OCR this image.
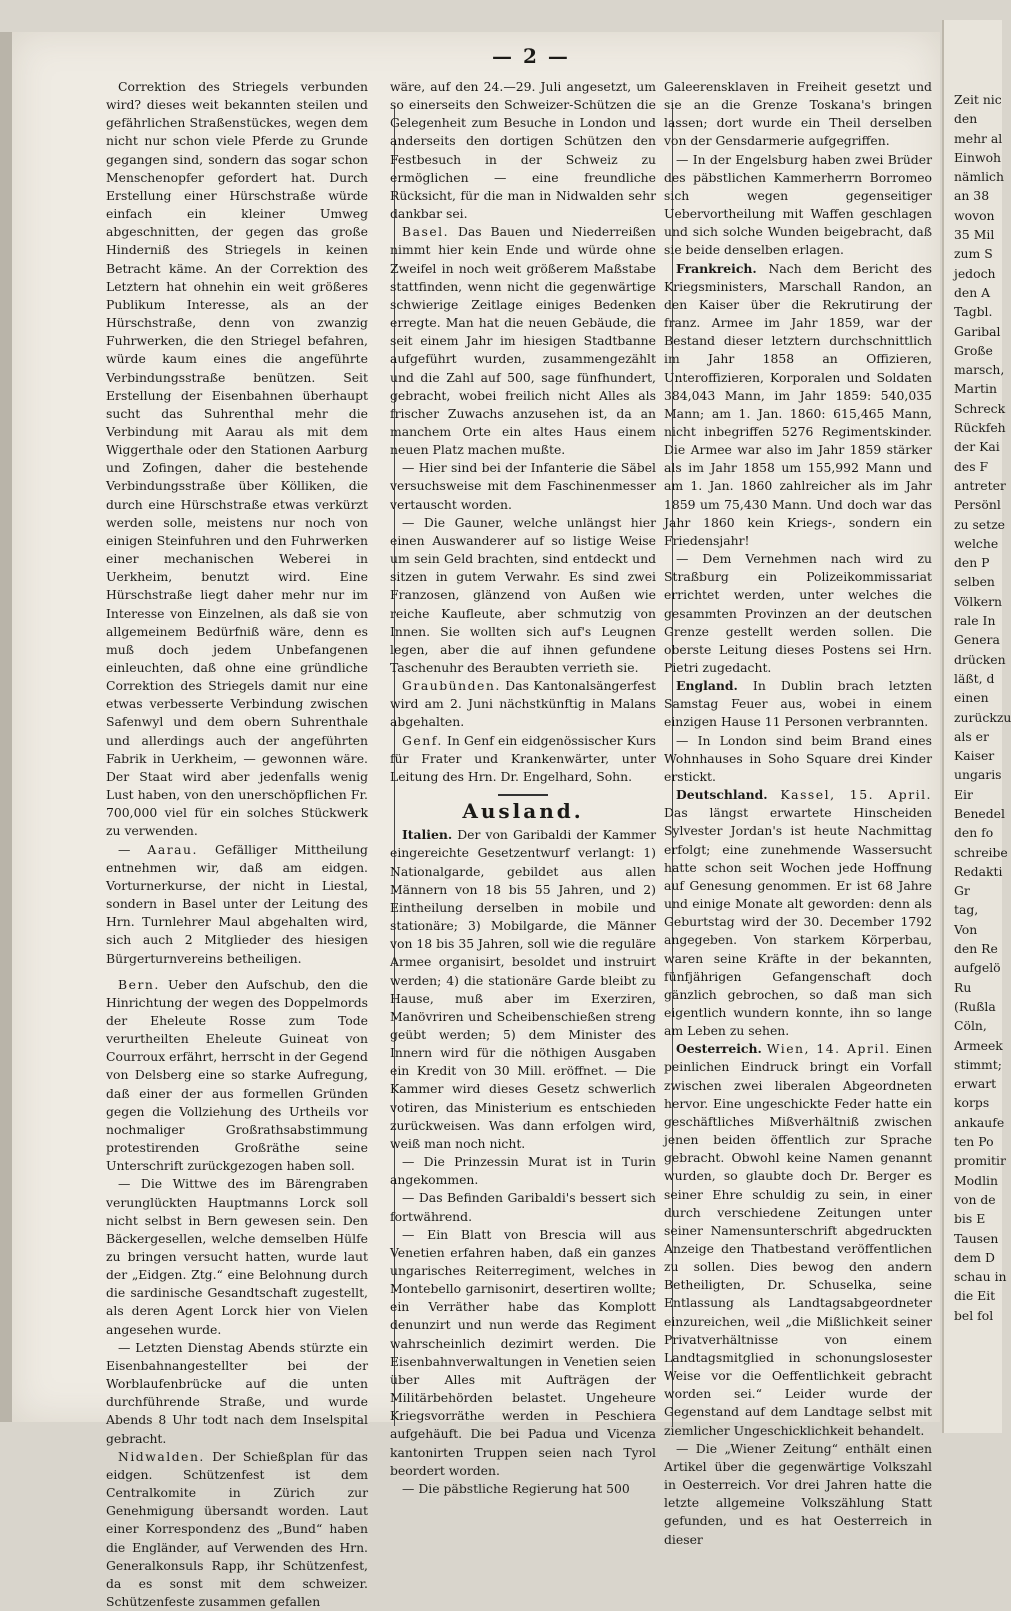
— 2 —

Correktion des Striegels verbunden wird? dieses weit bekannten steilen und gefährlichen Straßenstückes, wegen dem nicht nur schon viele Pferde zu Grunde gegangen sind, sondern das sogar schon Menschenopfer gefordert hat. Durch Erstellung einer Hürschstraße würde einfach ein kleiner Umweg abgeschnitten, der gegen das große Hinderniß des Striegels in keinen Betracht käme. An der Correktion des Letztern hat ohnehin ein weit größeres Publikum Interesse, als an der Hürschstraße, denn von zwanzig Fuhrwerken, die den Striegel befahren, würde kaum eines die angeführte Verbindungsstraße benützen. Seit Erstellung der Eisenbahnen überhaupt sucht das Suhrenthal mehr die Verbindung mit Aarau als mit dem Wiggerthale oder den Stationen Aarburg und Zofingen, daher die bestehende Verbindungsstraße über Kölliken, die durch eine Hürschstraße etwas verkürzt werden solle, meistens nur noch von einigen Steinfuhren und den Fuhrwerken einer mechanischen Weberei in Uerkheim, benutzt wird. Eine Hürschstraße liegt daher mehr nur im Interesse von Einzelnen, als daß sie von allgemeinem Bedürfniß wäre, denn es muß doch jedem Unbefangenen einleuchten, daß ohne eine gründliche Correktion des Striegels damit nur eine etwas verbesserte Verbindung zwischen Safenwyl und dem obern Suhrenthale und allerdings auch der angeführten Fabrik in Uerkheim, — gewonnen wäre. Der Staat wird aber jedenfalls wenig Lust haben, von den unerschöpflichen Fr. 700,000 viel für ein solches Stückwerk zu verwenden.

— Aarau. Gefälliger Mittheilung entnehmen wir, daß am eidgen. Vorturnerkurse, der nicht in Liestal, sondern in Basel unter der Leitung des Hrn. Turnlehrer Maul abgehalten wird, sich auch 2 Mitglieder des hiesigen Bürgerturnvereins betheiligen.

Bern. Ueber den Aufschub, den die Hinrichtung der wegen des Doppelmords der Eheleute Rosse zum Tode verurtheilten Eheleute Guineat von Courroux erfährt, herrscht in der Gegend von Delsberg eine so starke Aufregung, daß einer der aus formellen Gründen gegen die Vollziehung des Urtheils vor nochmaliger Großrathsabstimmung protestirenden Großräthe seine Unterschrift zurückgezogen haben soll.

— Die Wittwe des im Bärengraben verunglückten Hauptmanns Lorck soll nicht selbst in Bern gewesen sein. Den Bäckergesellen, welche demselben Hülfe zu bringen versucht hatten, wurde laut der „Eidgen. Ztg.“ eine Belohnung durch die sardinische Gesandtschaft zugestellt, als deren Agent Lorck hier von Vielen angesehen wurde.

— Letzten Dienstag Abends stürzte ein Eisenbahnangestellter bei der Worblaufenbrücke auf die unten durchführende Straße, und wurde Abends 8 Uhr todt nach dem Inselspital gebracht.

Nidwalden. Der Schießplan für das eidgen. Schützenfest ist dem Centralkomite in Zürich zur Genehmigung übersandt worden. Laut einer Korrespondenz des „Bund“ haben die Engländer, auf Verwenden des Hrn. Generalkonsuls Rapp, ihr Schützenfest, da es sonst mit dem schweizer. Schützenfeste zusammen gefallen

wäre, auf den 24.—29. Juli angesetzt, um so einerseits den Schweizer-Schützen die Gelegenheit zum Besuche in London und anderseits den dortigen Schützen den Festbesuch in der Schweiz zu ermöglichen — eine freundliche Rücksicht, für die man in Nidwalden sehr dankbar sei.

Basel. Das Bauen und Niederreißen nimmt hier kein Ende und würde ohne Zweifel in noch weit größerem Maßstabe stattfinden, wenn nicht die gegenwärtige schwierige Zeitlage einiges Bedenken erregte. Man hat die neuen Gebäude, die seit einem Jahr im hiesigen Stadtbanne aufgeführt wurden, zusammengezählt und die Zahl auf 500, sage fünfhundert, gebracht, wobei freilich nicht Alles als frischer Zuwachs anzusehen ist, da an manchem Orte ein altes Haus einem neuen Platz machen mußte.

— Hier sind bei der Infanterie die Säbel versuchsweise mit dem Faschinenmesser vertauscht worden.

— Die Gauner, welche unlängst hier einen Auswanderer auf so listige Weise um sein Geld brachten, sind entdeckt und sitzen in gutem Verwahr. Es sind zwei Franzosen, glänzend von Außen wie reiche Kaufleute, aber schmutzig von Innen. Sie wollten sich auf's Leugnen legen, aber die auf ihnen gefundene Taschenuhr des Beraubten verrieth sie.

Graubünden. Das Kantonalsängerfest wird am 2. Juni nächstkünftig in Malans abgehalten.

Genf. In Genf ein eidgenössischer Kurs für Frater und Krankenwärter, unter Leitung des Hrn. Dr. Engelhard, Sohn.

Ausland.

Italien. Der von Garibaldi der Kammer eingereichte Gesetzentwurf verlangt: 1) Nationalgarde, gebildet aus allen Männern von 18 bis 55 Jahren, und 2) Eintheilung derselben in mobile und stationäre; 3) Mobilgarde, die Männer von 18 bis 35 Jahren, soll wie die reguläre Armee organisirt, besoldet und instruirt werden; 4) die stationäre Garde bleibt zu Hause, muß aber im Exerziren, Manövriren und Scheibenschießen streng geübt werden; 5) dem Minister des Innern wird für die nöthigen Ausgaben ein Kredit von 30 Mill. eröffnet. — Die Kammer wird dieses Gesetz schwerlich votiren, das Ministerium es entschieden zurückweisen. Was dann erfolgen wird, weiß man noch nicht.

— Die Prinzessin Murat ist in Turin angekommen.

— Das Befinden Garibaldi's bessert sich fortwährend.

— Ein Blatt von Brescia will aus Venetien erfahren haben, daß ein ganzes ungarisches Reiterregiment, welches in Montebello garnisonirt, desertiren wollte; ein Verräther habe das Komplott denunzirt und nun werde das Regiment wahrscheinlich dezimirt werden. Die Eisenbahnverwaltungen in Venetien seien über Alles mit Aufträgen der Militärbehörden belastet. Ungeheure Kriegsvorräthe werden in Peschiera aufgehäuft. Die bei Padua und Vicenza kantonirten Truppen seien nach Tyrol beordert worden.

— Die päbstliche Regierung hat 500

Galeerensklaven in Freiheit gesetzt und sie an die Grenze Toskana's bringen lassen; dort wurde ein Theil derselben von der Gensdarmerie aufgegriffen.

— In der Engelsburg haben zwei Brüder des päbstlichen Kammerherrn Borromeo sich wegen gegenseitiger Uebervortheilung mit Waffen geschlagen und sich solche Wunden beigebracht, daß sie beide denselben erlagen.

Frankreich. Nach dem Bericht des Kriegsministers, Marschall Randon, an den Kaiser über die Rekrutirung der franz. Armee im Jahr 1859, war der Bestand dieser letztern durchschnittlich im Jahr 1858 an Offizieren, Unteroffizieren, Korporalen und Soldaten 384,043 Mann, im Jahr 1859: 540,035 Mann; am 1. Jan. 1860: 615,465 Mann, nicht inbegriffen 5276 Regimentskinder. Die Armee war also im Jahr 1859 stärker als im Jahr 1858 um 155,992 Mann und am 1. Jan. 1860 zahlreicher als im Jahr 1859 um 75,430 Mann. Und doch war das Jahr 1860 kein Kriegs-, sondern ein Friedensjahr!

— Dem Vernehmen nach wird zu Straßburg ein Polizeikommissariat errichtet werden, unter welches die gesammten Provinzen an der deutschen Grenze gestellt werden sollen. Die oberste Leitung dieses Postens sei Hrn. Pietri zugedacht.

England. In Dublin brach letzten Samstag Feuer aus, wobei in einem einzigen Hause 11 Personen verbrannten.

— In London sind beim Brand eines Wohnhauses in Soho Square drei Kinder erstickt.

Deutschland. Kassel, 15. April. Das längst erwartete Hinscheiden Sylvester Jordan's ist heute Nachmittag erfolgt; eine zunehmende Wassersucht hatte schon seit Wochen jede Hoffnung auf Genesung genommen. Er ist 68 Jahre und einige Monate alt geworden: denn als Geburtstag wird der 30. December 1792 angegeben. Von starkem Körperbau, waren seine Kräfte in der bekannten, fünfjährigen Gefangenschaft doch gänzlich gebrochen, so daß man sich eigentlich wundern konnte, ihn so lange am Leben zu sehen.

Oesterreich. Wien, 14. April. Einen peinlichen Eindruck bringt ein Vorfall zwischen zwei liberalen Abgeordneten hervor. Eine ungeschickte Feder hatte ein geschäftliches Mißverhältniß zwischen jenen beiden öffentlich zur Sprache gebracht. Obwohl keine Namen genannt wurden, so glaubte doch Dr. Berger es seiner Ehre schuldig zu sein, in einer durch verschiedene Zeitungen unter seiner Namensunterschrift abgedruckten Anzeige den Thatbestand veröffentlichen zu sollen. Dies bewog den andern Betheiligten, Dr. Schuselka, seine Entlassung als Landtagsabgeordneter einzureichen, weil „die Mißlichkeit seiner Privatverhältnisse von einem Landtagsmitglied in schonungslosester Weise vor die Oeffentlichkeit gebracht worden sei.“ Leider wurde der Gegenstand auf dem Landtage selbst mit ziemlicher Ungeschicklichkeit behandelt.

— Die „Wiener Zeitung“ enthält einen Artikel über die gegenwärtige Volkszahl in Oesterreich. Vor drei Jahren hatte die letzte allgemeine Volkszählung Statt gefunden, und es hat Oesterreich in dieser

Zeit nic

den

mehr al

Einwoh

nämlich

an 38

wovon

35 Mil

zum S

jedoch

den A

Tagbl.

Garibal

Große

marsch,

Martin

Schreck

Rückfeh

der Kai

des F

antreter

Persönl

zu setze

welche

den P

selben

Völkern

rale In

Genera

drücken

läßt, d

einen

zurückzu

als er

Kaiser

ungaris

Eir

Benedel

den fo

schreibe

Redakti

Gr

tag,

Von

den Re

aufgelö

Ru

(Rußla

Cöln,

Armeek

stimmt;

erwart

korps

ankaufe

ten Po

promitir

Modlin

von de

bis E

Tausen

dem D

schau in

die Eit

bel fol
